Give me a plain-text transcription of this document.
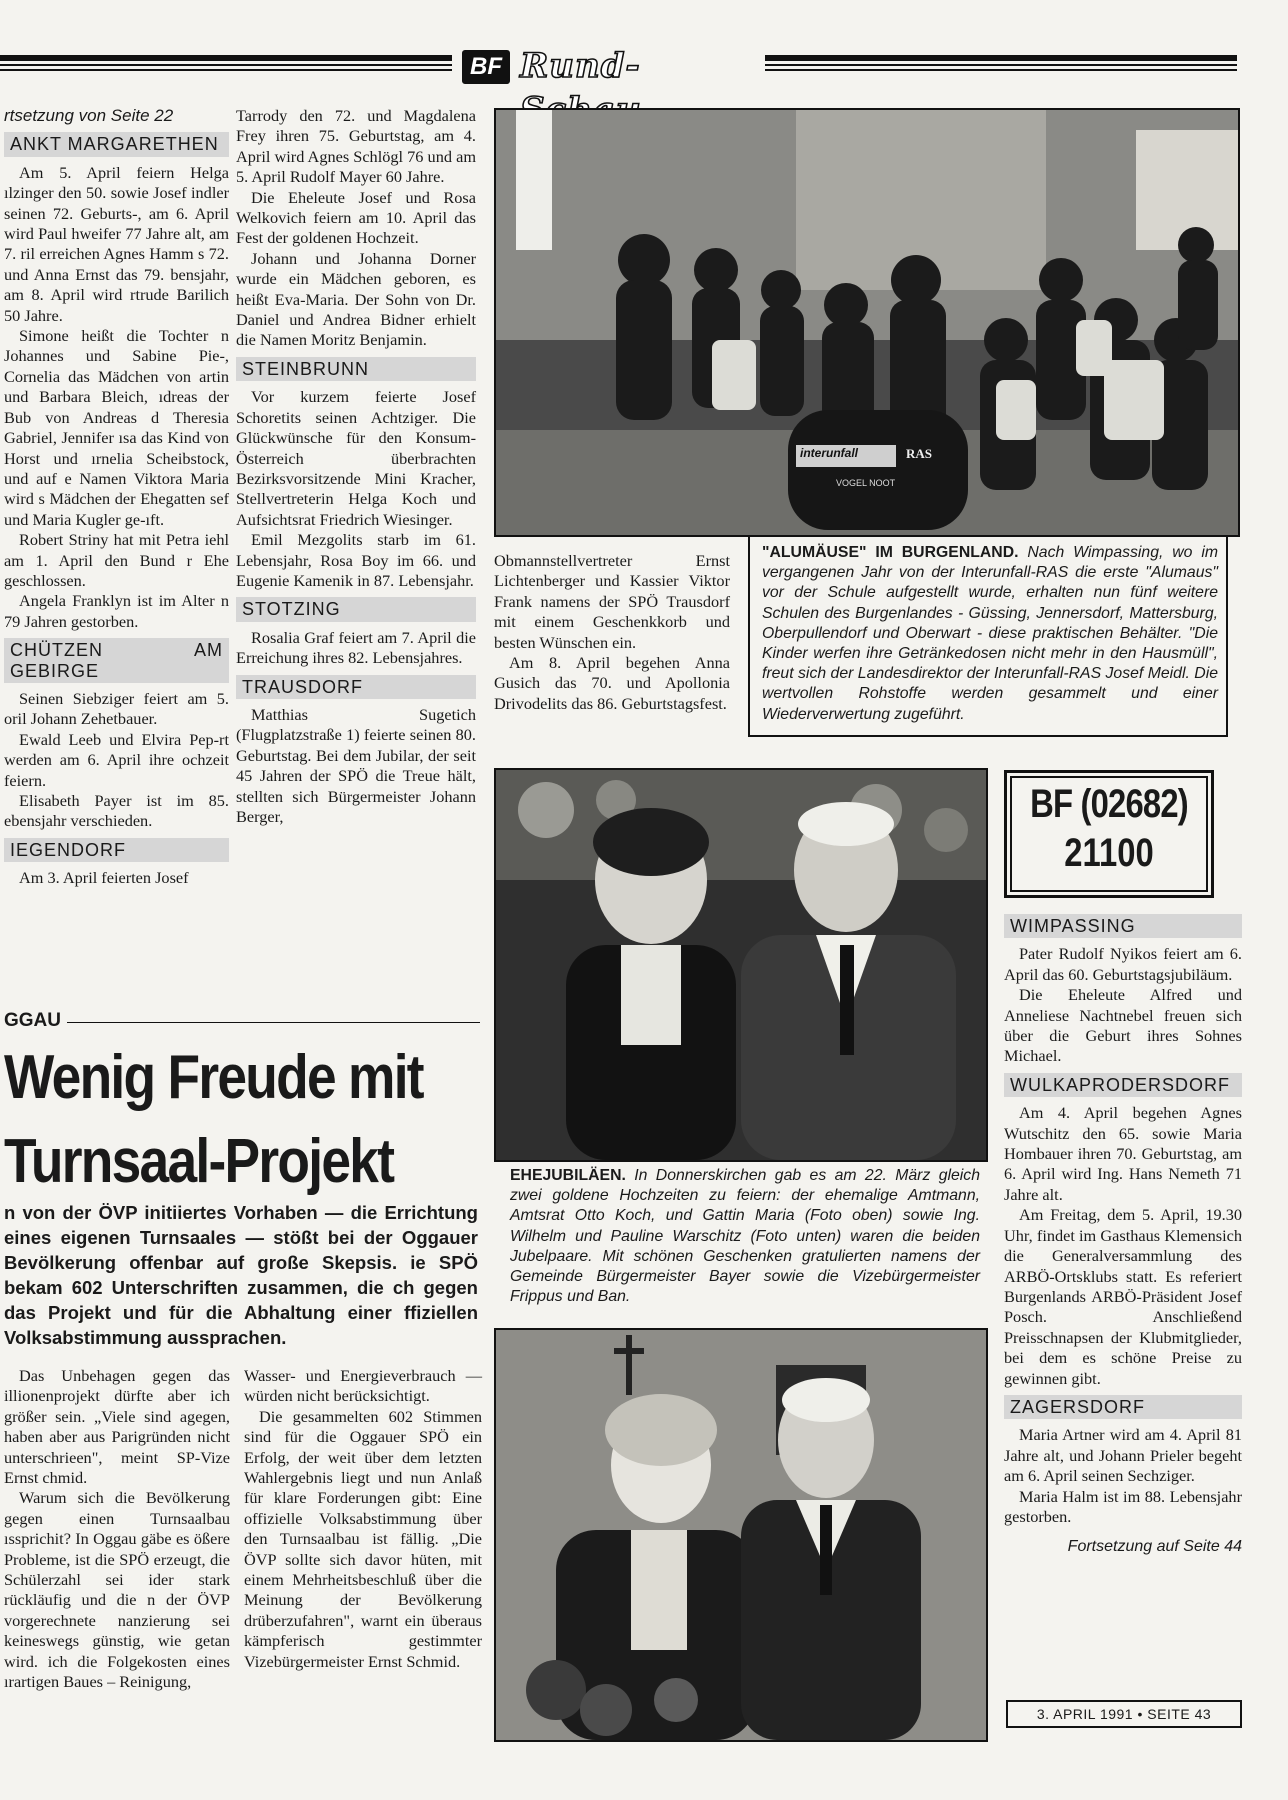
BF Rund-
rtsetzung von Seite 22
ANKT MARGARETHEN

Am 5. April feiern Helga ılzinger den 50. sowie Josef indler seinen 72. Geburts-, am 6. April wird Paul hweifer 77 Jahre alt, am 7. ril erreichen Agnes Hamm s 72. und Anna Ernst das 79. bensjahr, am 8. April wird rtrude Barilich 50 Jahre.

Simone heißt die Tochter n Johannes und Sabine Pie-, Cornelia das Mädchen von artin und Barbara Bleich, ıdreas der Bub von Andreas d Theresia Gabriel, Jennifer ısa das Kind von Horst und ırnelia Scheibstock, und auf e Namen Viktora Maria wird s Mädchen der Ehegatten sef und Maria Kugler ge-ıft.

Robert Striny hat mit Petra iehl am 1. April den Bund r Ehe geschlossen.

Angela Franklyn ist im Alter n 79 Jahren gestorben.

CHÜTZEN AM GEBIRGE

Seinen Siebziger feiert am 5. oril Johann Zehetbauer.

Ewald Leeb und Elvira Pep-rt werden am 6. April ihre ochzeit feiern.

Elisabeth Payer ist im 85. ebensjahr verschieden.

IEGENDORF

Am 3. April feierten Josef

Tarrody den 72. und Magdalena Frey ihren 75. Geburtstag, am 4. April wird Agnes Schlögl 76 und am 5. April Rudolf Mayer 60 Jahre.

Die Eheleute Josef und Rosa Welkovich feiern am 10. April das Fest der goldenen Hochzeit.

Johann und Johanna Dorner wurde ein Mädchen geboren, es heißt Eva-Maria. Der Sohn von Dr. Daniel und Andrea Bidner erhielt die Namen Moritz Benjamin.

STEINBRUNN

Vor kurzem feierte Josef Schoretits seinen Achtziger. Die Glückwünsche für den Konsum-Österreich überbrachten Bezirksvorsitzende Mini Kracher, Stellvertreterin Helga Koch und Aufsichtsrat Friedrich Wiesinger.

Emil Mezgolits starb im 61. Lebensjahr, Rosa Boy im 66. und Eugenie Kamenik in 87. Lebensjahr.

STOTZING

Rosalia Graf feiert am 7. April die Erreichung ihres 82. Lebensjahres.

TRAUSDORF

Matthias Sugetich (Flugplatzstraße 1) feierte seinen 80. Geburtstag. Bei dem Jubilar, der seit 45 Jahren der SPÖ die Treue hält, stellten sich Bürgermeister Johann Berger,

interunfall	RAS
VOGEL NOOT

Obmannstellvertreter Ernst Lichtenberger und Kassier Viktor Frank namens der SPÖ Trausdorf mit einem Geschenkkorb und besten Wünschen ein.

Am 8. April begehen Anna Gusich das 70. und Apollonia Drivodelits das 86. Geburtstagsfest.

"ALUMÄUSE" IM BURGENLAND. Nach Wimpassing, wo im vergangenen Jahr von der Interunfall-RAS die erste "Alumaus" vor der Schule aufgestellt wurde, erhalten nun fünf weitere Schulen des Burgenlandes - Güssing, Jennersdorf, Mattersburg, Oberpullendorf und Oberwart - diese praktischen Behälter. "Die Kinder werfen ihre Getränkedosen nicht mehr in den Hausmüll", freut sich der Landesdirektor der Interunfall-RAS Josef Meidl. Die wertvollen Rohstoffe werden gesammelt und einer Wiederverwertung zugeführt.
EHEJUBILÄEN. In Donnerskirchen gab es am 22. März gleich zwei goldene Hochzeiten zu feiern: der ehemalige Amtmann, Amtsrat Otto Koch, und Gattin Maria (Foto oben) sowie Ing. Wilhelm und Pauline Warschitz (Foto unten) waren die beiden Jubelpaare. Mit schönen Geschenken gratulierten namens der Gemeinde Bürgermeister Bayer sowie die Vizebürgermeister Frippus und Ban.
BF (02682)
21100
WIMPASSING

Pater Rudolf Nyikos feiert am 6. April das 60. Geburtstagsjubiläum.

Die Eheleute Alfred und Anneliese Nachtnebel freuen sich über die Geburt ihres Sohnes Michael.

WULKAPRODERSDORF

Am 4. April begehen Agnes Wutschitz den 65. sowie Maria Hombauer ihren 70. Geburtstag, am 6. April wird Ing. Hans Nemeth 71 Jahre alt.

Am Freitag, dem 5. April, 19.30 Uhr, findet im Gasthaus Klemensich die Generalversammlung des ARBÖ-Ortsklubs statt. Es referiert Burgenlands ARBÖ-Präsident Josef Posch. Anschließend Preisschnapsen der Klubmitglieder, bei dem es schöne Preise zu gewinnen gibt.

ZAGERSDORF

Maria Artner wird am 4. April 81 Jahre alt, und Johann Prieler begeht am 6. April seinen Sechziger.

Maria Halm ist im 88. Lebensjahr gestorben.

Fortsetzung auf Seite 44
3. APRIL 1991 • SEITE 43
GGAU
Wenig Freude mit
Turnsaal-Projekt
n von der ÖVP initiiertes Vorhaben — die Errichtung eines eigenen Turnsaales — stößt bei der Oggauer Bevölkerung offenbar auf große Skepsis. ie SPÖ bekam 602 Unterschriften zusammen, die ch gegen das Projekt und für die Abhaltung einer ffiziellen Volksabstimmung aussprachen.

Das Unbehagen gegen das illionenprojekt dürfte aber ich größer sein. „Viele sind agegen, haben aber aus Parigründen nicht unterschrieen", meint SP-Vize Ernst chmid.

Warum sich die Bevölkerung gegen einen Turnsaalbau ıssprichit? In Oggau gäbe es ößere Probleme, ist die SPÖ erzeugt, die Schülerzahl sei ider stark rückläufig und die n der ÖVP vorgerechnete nanzierung sei keineswegs günstig, wie getan wird. ich die Folgekosten eines ırartigen Baues – Reinigung,

Wasser- und Energieverbrauch — würden nicht berücksichtigt.

Die gesammelten 602 Stimmen sind für die Oggauer SPÖ ein Erfolg, der weit über dem letzten Wahlergebnis liegt und nun Anlaß für klare Forderungen gibt: Eine offizielle Volksabstimmung über den Turnsaalbau ist fällig. „Die ÖVP sollte sich davor hüten, mit einem Mehrheitsbeschluß über die Meinung der Bevölkerung drüberzufahren", warnt ein überaus kämpferisch gestimmter Vizebürgermeister Ernst Schmid.
